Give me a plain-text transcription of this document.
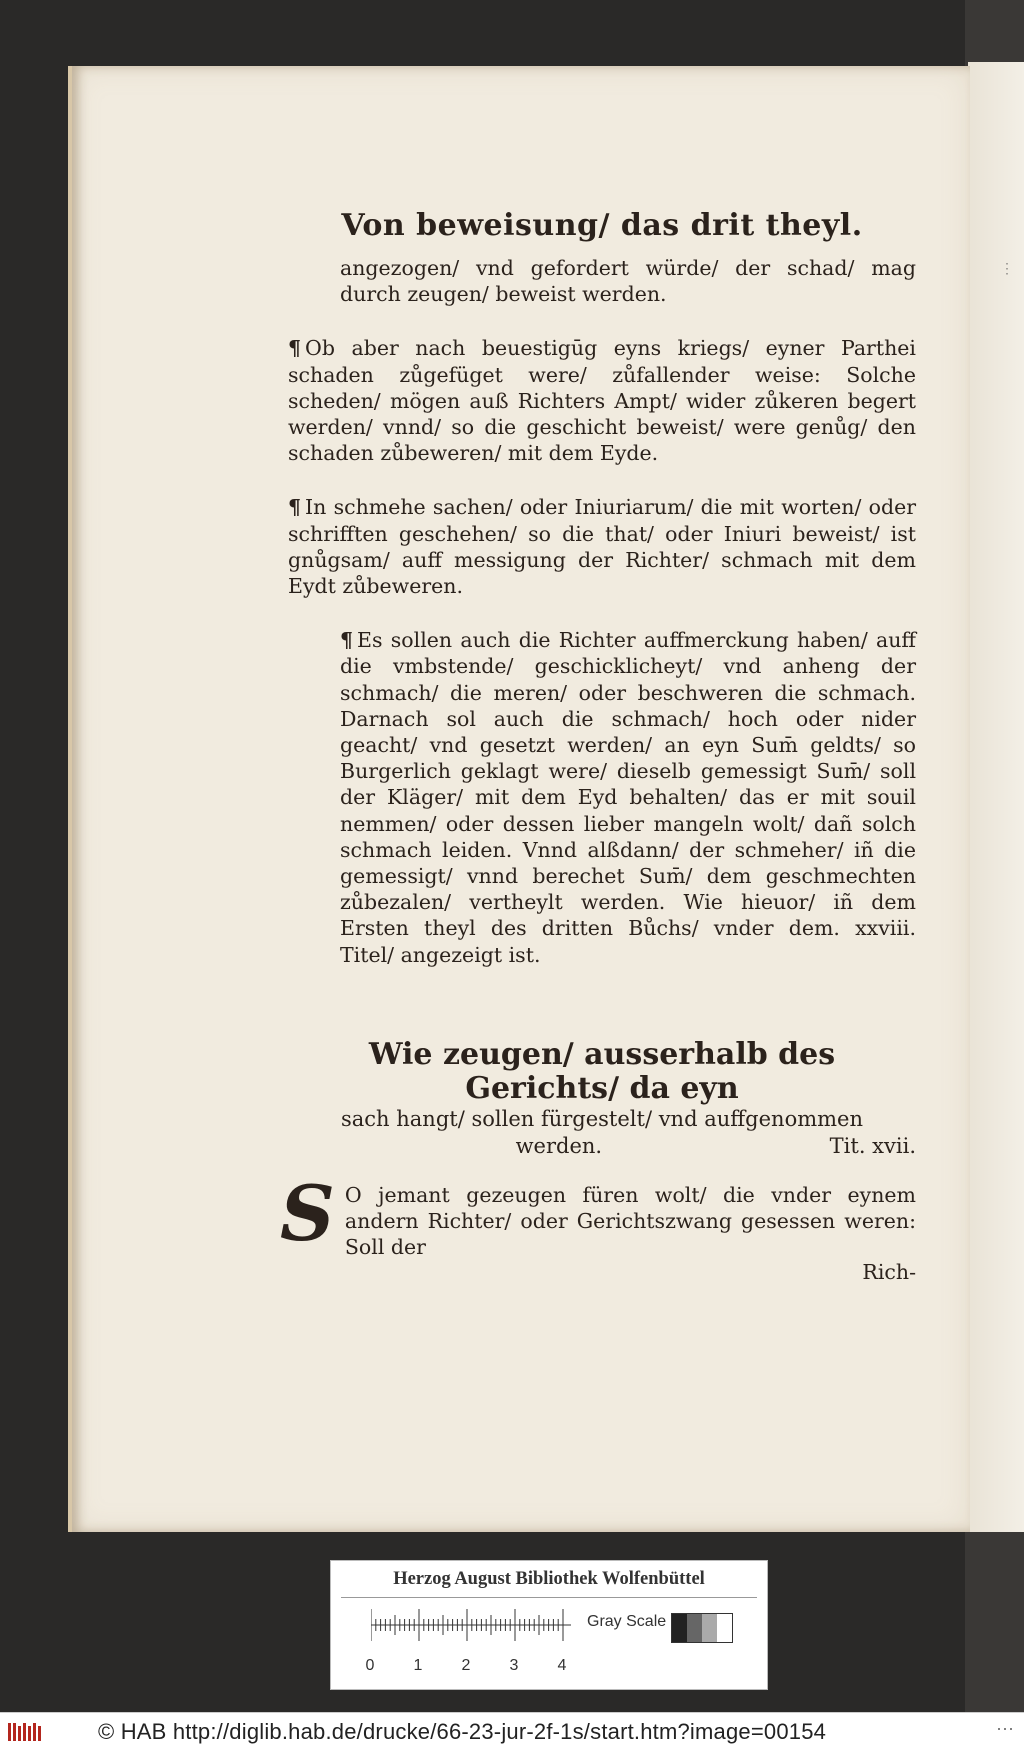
⋮
Von beweisung/ das drit theyl.

angezogen/ vnd gefordert würde/ der schad/ mag durch zeugen/ beweist werden.

¶ Ob aber nach beuestigūg eyns kriegs/ eyner Parthei schaden zůgefüget were/ zůfallender weise: Solche scheden/ mögen auß Richters Ampt/ wider zůkeren begert werden/ vnnd/ so die geschicht beweist/ were genůg/ den schaden zůbeweren/ mit dem Eyde.

¶ In schmehe sachen/ oder Iniuriarum/ die mit worten/ oder schrifften geschehen/ so die that/ oder Iniuri beweist/ ist gnůgsam/ auff messigung der Richter/ schmach mit dem Eydt zůbeweren.

¶ Es sollen auch die Richter auffmerckung haben/ auff die vmbstende/ geschicklicheyt/ vnd anheng der schmach/ die meren/ oder beschweren die schmach. Darnach sol auch die schmach/ hoch oder nider geacht/ vnd gesetzt werden/ an eyn Sum̄ geldts/ so Burgerlich geklagt were/ dieselb gemessigt Sum̄/ soll der Kläger/ mit dem Eyd behalten/ das er mit souil nemmen/ oder dessen lieber mangeln wolt/ dañ solch schmach leiden. Vnnd alßdann/ der schmeher/ iñ die gemessigt/ vnnd berechet Sum̄/ dem geschmechten zůbezalen/ vertheylt werden. Wie hieuor/ iñ dem Ersten theyl des dritten Bůchs/ vnder dem. xxviii. Titel/ angezeigt ist.

Wie zeugen/ ausserhalb des Gerichts/ da eyn
sach hangt/ sollen fürgestelt/ vnd auffgenommen
werden.	Tit. xvii.
S O jemant gezeugen füren wolt/ die vnder eynem andern Richter/ oder Gerichtszwang gesessen weren: Soll der
Rich-
Herzog August Bibliothek Wolfenbüttel
0 1 2 3 4
Gray Scale
© HAB http://diglib.hab.de/drucke/66-23-jur-2f-1s/start.htm?image=00154	⋯
